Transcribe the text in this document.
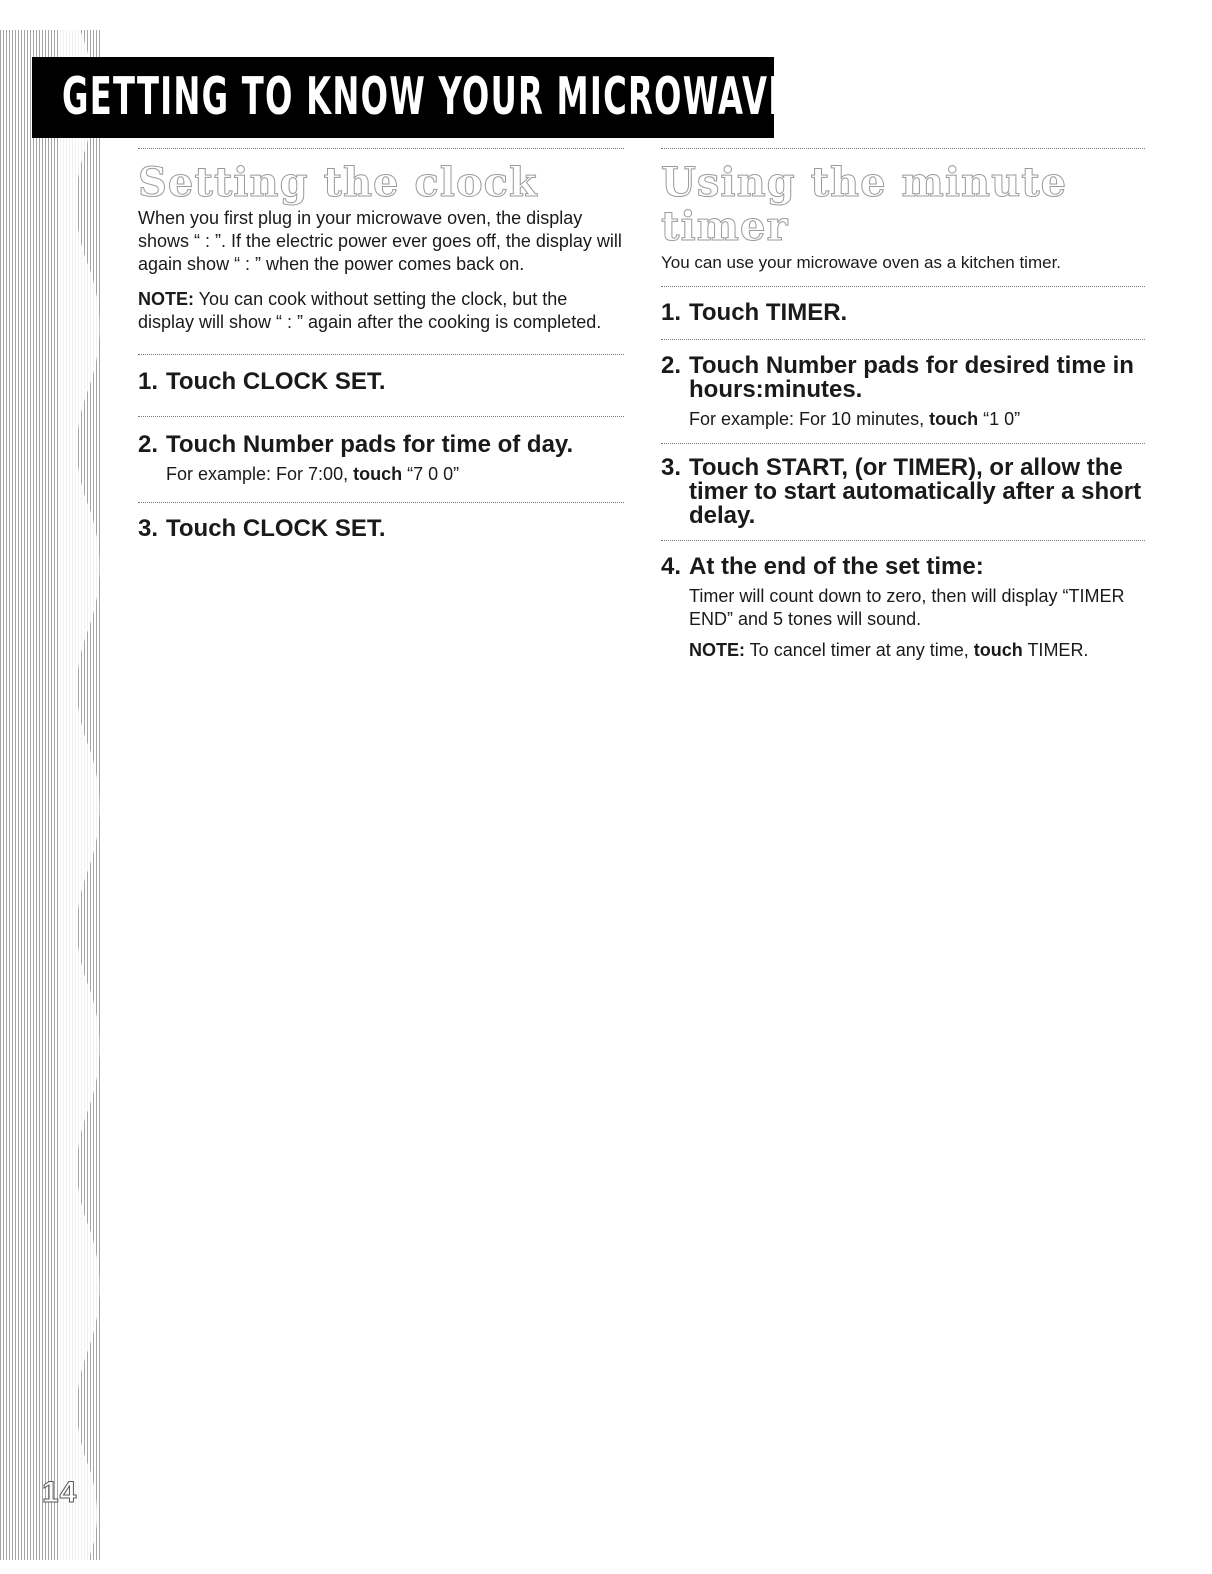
14
GETTING TO KNOW YOUR MICROWAVE OVEN
Setting the clock

When you first plug in your microwave oven, the display shows “ : ”. If the electric power ever goes off, the display will again show “ : ” when the power comes back on.

NOTE: You can cook without setting the clock, but the display will show “ : ” again after the cooking is completed.

1. Touch CLOCK SET.
2. Touch Number pads for time of day.

For example: For 7:00, touch “7 0 0”

3. Touch CLOCK SET.
Using the minute timer

You can use your microwave oven as a kitchen timer.

1. Touch TIMER.
2. Touch Number pads for desired time in hours:minutes.

For example: For 10 minutes, touch “1 0”

3. Touch START, (or TIMER), or allow the timer to start automatically after a short delay.
4. At the end of the set time:

Timer will count down to zero, then will display “TIMER END” and 5 tones will sound.

NOTE: To cancel timer at any time, touch TIMER.
